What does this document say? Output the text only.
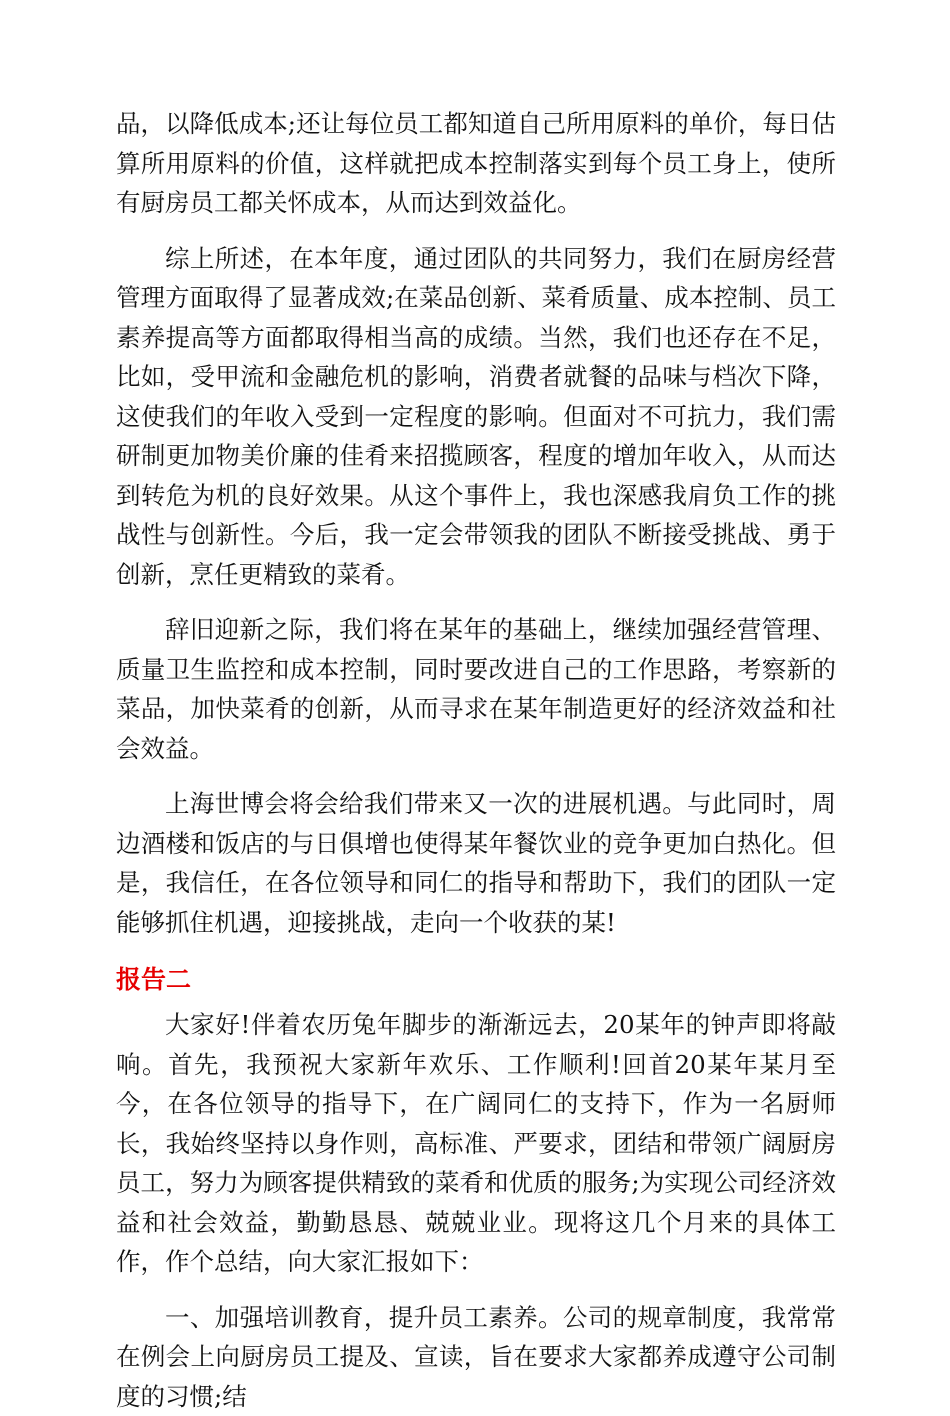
品，以降低成本;还让每位员工都知道自己所用原料的单价，每日估算所用原料的价值，这样就把成本控制落实到每个员工身上，使所有厨房员工都关怀成本，从而达到效益化。

综上所述，在本年度，通过团队的共同努力，我们在厨房经营管理方面取得了显著成效;在菜品创新、菜肴质量、成本控制、员工素养提高等方面都取得相当高的成绩。当然，我们也还存在不足，比如，受甲流和金融危机的影响，消费者就餐的品味与档次下降，这使我们的年收入受到一定程度的影响。但面对不可抗力，我们需研制更加物美价廉的佳肴来招揽顾客，程度的增加年收入，从而达到转危为机的良好效果。从这个事件上，我也深感我肩负工作的挑战性与创新性。今后，我一定会带领我的团队不断接受挑战、勇于创新，烹任更精致的菜肴。

辞旧迎新之际，我们将在某年的基础上，继续加强经营管理、质量卫生监控和成本控制，同时要改进自己的工作思路，考察新的菜品，加快菜肴的创新，从而寻求在某年制造更好的经济效益和社会效益。

上海世博会将会给我们带来又一次的进展机遇。与此同时，周边酒楼和饭店的与日俱增也使得某年餐饮业的竞争更加白热化。但是，我信任，在各位领导和同仁的指导和帮助下，我们的团队一定能够抓住机遇，迎接挑战，走向一个收获的某!

报告二

大家好!伴着农历兔年脚步的渐渐远去，20某年的钟声即将敲响。首先，我预祝大家新年欢乐、工作顺利!回首20某年某月至今，在各位领导的指导下，在广阔同仁的支持下，作为一名厨师长，我始终坚持以身作则，高标准、严要求，团结和带领广阔厨房员工，努力为顾客提供精致的菜肴和优质的服务;为实现公司经济效益和社会效益，勤勤恳恳、兢兢业业。现将这几个月来的具体工作，作个总结，向大家汇报如下：

一、加强培训教育，提升员工素养。公司的规章制度，我常常在例会上向厨房员工提及、宣读，旨在要求大家都养成遵守公司制度的习惯;结
